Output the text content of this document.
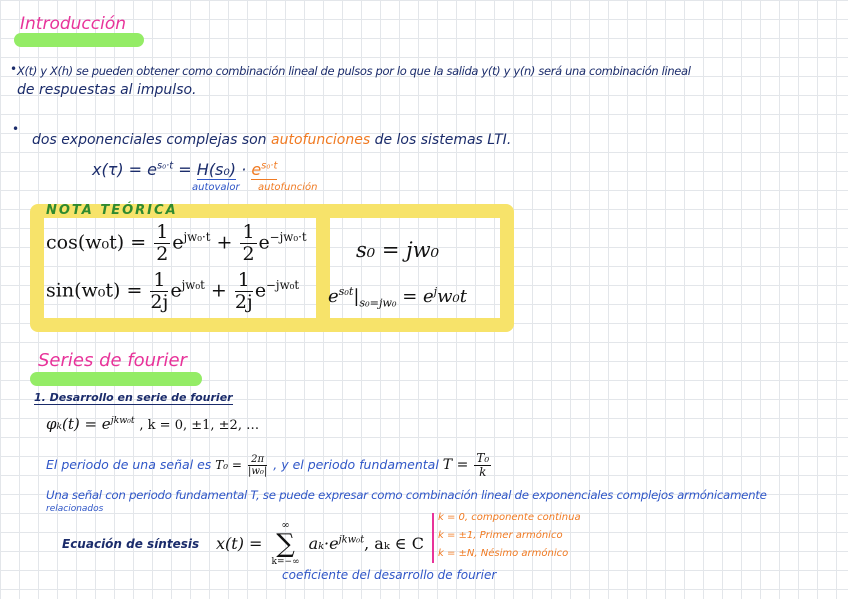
Introducción
• X(t) y X(h) se pueden obtener como combinación lineal de pulsos por lo que la salida y(t) y y(n) será una combinación lineal
de respuestas al impulso.
•
dos exponenciales complejas son autofunciones de los sistemas LTI.
$x(\tau) = e^{s_0\cdot t} = H(s_0) \cdot e^{s_0\cdot t}$
autovalor autofunción
NOTA TEÓRICA
$\cos(w_0t) = \frac{1}{2} e^{jw_0\cdot t} + \frac{1}{2} e^{-jw_0\cdot t}$
$\sin(w_0t) = \frac{1}{2j} e^{jw_0t} + \frac{1}{2j} e^{-jw_0t}$
s₀ = jw₀
$e^{s_0t}|_{s_0=jw_0} = e^jw_0t$
Series de fourier
1. Desarrollo en serie de fourier
$\varphi_k(t) = e^{jkw_0t}$ , k = 0, ±1, ±2, …
El periodo de una señal es $T_0 = \frac{2\pi}{\text{|w₀|}}$ , y el periodo fundamental $T = \frac{\text{T₀}}{k}$
Una señal con periodo fundamental T, se puede expresar como combinación lineal de exponenciales complejos armónicamente
relacionados
Ecuación de síntesis x(t) =
∞
∑
k=−∞
$a_k\cdot e^{jkw_0t}$, aₖ ∈ C
coeficiente del desarrollo de fourier
k = 0, componente continua
k = ±1, Primer armónico
k = ±N, Nésimo armónico
